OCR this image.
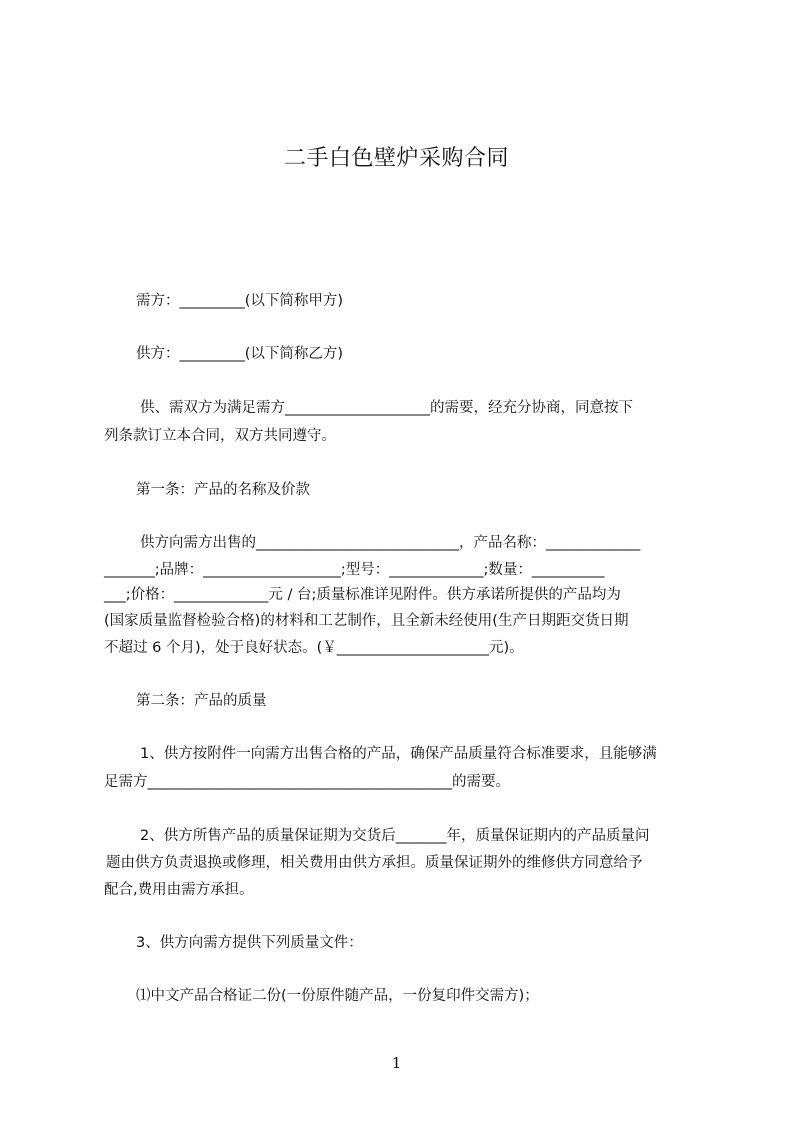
二手白色壁炉采购合同

需方：_________(以下简称甲方)

供方：_________(以下简称乙方)

供、需双方为满足需方____________________的需要，经充分协商，同意按下

列条款订立本合同，双方共同遵守。

第一条：产品的名称及价款

供方向需方出售的____________________________，产品名称：_____________

_______;品牌：___________________;型号：_____________;数量：__________

___;价格：_____________元 / 台;质量标准详见附件。供方承诺所提供的产品均为

(国家质量监督检验合格)的材料和工艺制作，且全新未经使用(生产日期距交货日期

不超过 6 个月)，处于良好状态。(￥_____________________元)。

第二条：产品的质量

1、供方按附件一向需方出售合格的产品，确保产品质量符合标准要求，且能够满

足需方__________________________________________的需要。

2、供方所售产品的质量保证期为交货后_______年，质量保证期内的产品质量问

题由供方负责退换或修理，相关费用由供方承担。质量保证期外的维修供方同意给予

配合,费用由需方承担。

3、供方向需方提供下列质量文件：

⑴中文产品合格证二份(一份原件随产品，一份复印件交需方)；

1
